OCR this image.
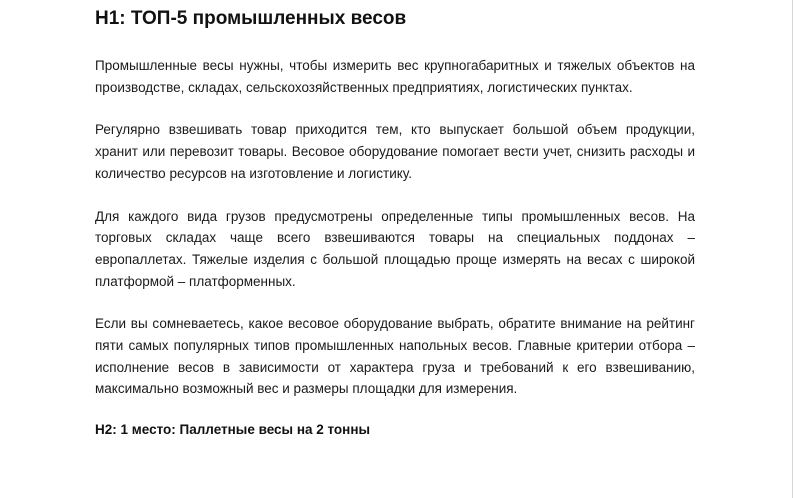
H1: ТОП-5 промышленных весов

Промышленные весы нужны, чтобы измерить вес крупногабаритных и тяжелых объектов на производстве, складах, сельскохозяйственных предприятиях, логистических пунктах.

Регулярно взвешивать товар приходится тем, кто выпускает большой объем продукции, хранит или перевозит товары. Весовое оборудование помогает вести учет, снизить расходы и количество ресурсов на изготовление и логистику.

Для каждого вида грузов предусмотрены определенные типы промышленных весов. На торговых складах чаще всего взвешиваются товары на специальных поддонах – европаллетах. Тяжелые изделия с большой площадью проще измерять на весах с широкой платформой – платформенных.

Если вы сомневаетесь, какое весовое оборудование выбрать, обратите внимание на рейтинг пяти самых популярных типов промышленных напольных весов. Главные критерии отбора – исполнение весов в зависимости от характера груза и требований к его взвешиванию, максимально возможный вес и размеры площадки для измерения.

H2: 1 место: Паллетные весы на 2 тонны
